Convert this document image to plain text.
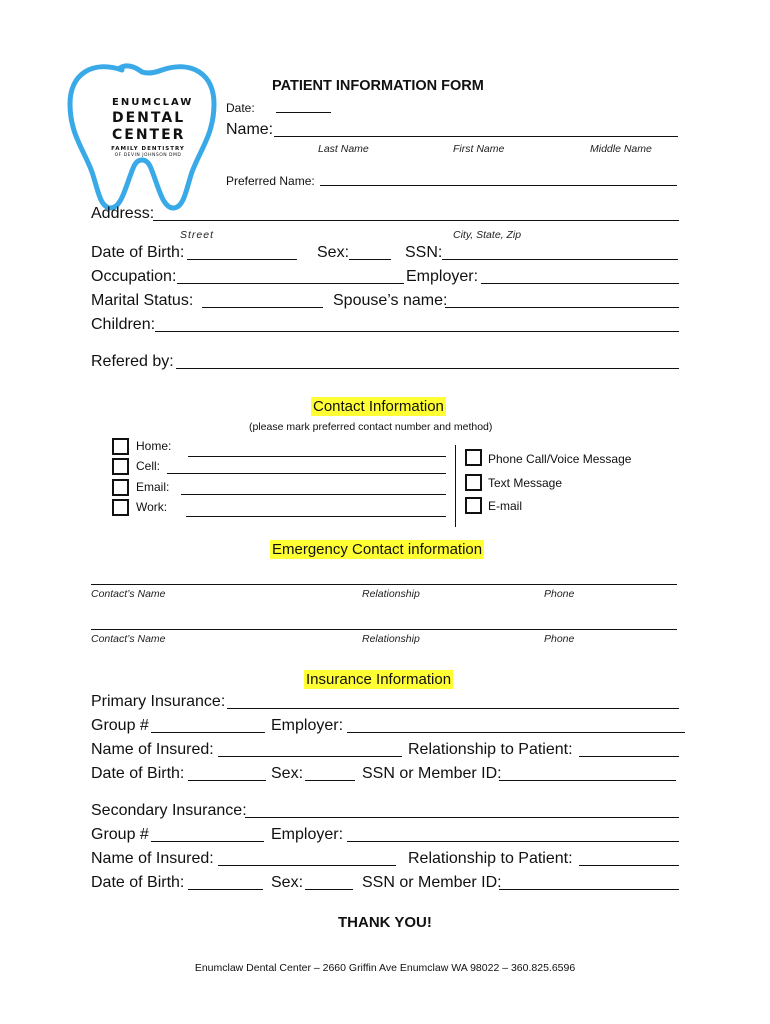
ENUMCLAW
DENTAL
CENTER
FAMILY DENTISTRY
OF DEVIN JOHNSON DMD
PATIENT INFORMATION FORM
Date:
Name:
Last Name	First Name	Middle Name
Preferred Name:
Address:
Street	City, State, Zip
Date of Birth:	Sex:	SSN:
Occupation:	Employer:
Marital Status:	Spouse’s name:
Children:
Refered by:
Contact Information
(please mark preferred contact number and method)
Home:
Cell:
Email:
Work:
Phone Call/Voice Message
Text Message
E-mail
Emergency Contact information
Contact’s Name	Relationship	Phone
Contact’s Name	Relationship	Phone
Insurance Information
Primary Insurance:
Group #	Employer:
Name of Insured:	Relationship to Patient:
Date of Birth:	Sex:	SSN or Member ID:
Secondary Insurance:
Group #	Employer:
Name of Insured:	Relationship to Patient:
Date of Birth:	Sex:	SSN or Member ID:
THANK YOU!
Enumclaw Dental Center – 2660 Griffin Ave Enumclaw WA 98022 – 360.825.6596
